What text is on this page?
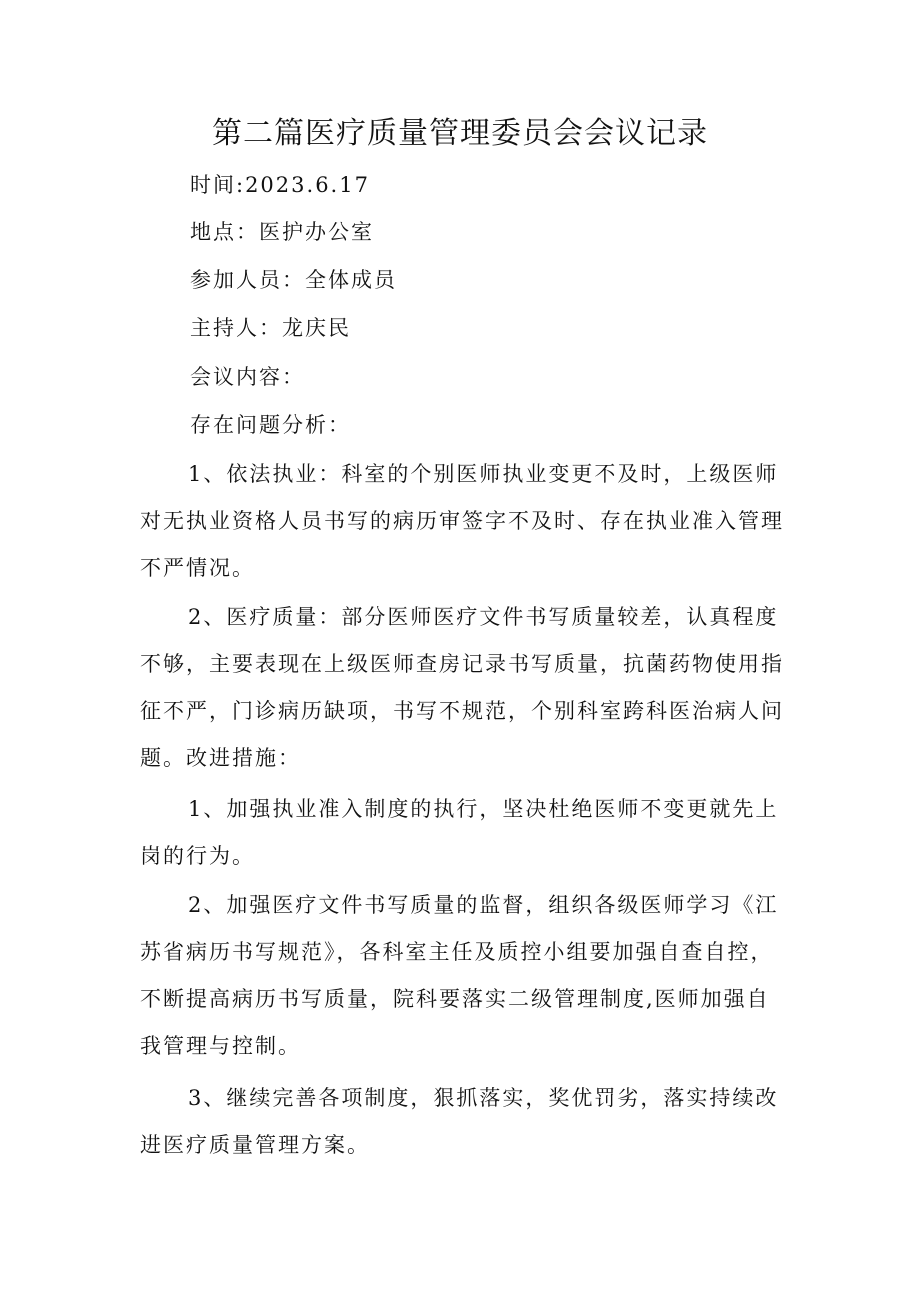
第二篇医疗质量管理委员会会议记录

时间:2023.6.17

地点：医护办公室

参加人员：全体成员

主持人：龙庆民

会议内容：

存在问题分析：

1、依法执业：科室的个别医师执业变更不及时，上级医师对无执业资格人员书写的病历审签字不及时、存在执业准入管理不严情况。

2、医疗质量：部分医师医疗文件书写质量较差，认真程度不够，主要表现在上级医师查房记录书写质量，抗菌药物使用指征不严，门诊病历缺项，书写不规范，个别科室跨科医治病人问题。改进措施：

1、加强执业准入制度的执行，坚决杜绝医师不变更就先上岗的行为。

2、加强医疗文件书写质量的监督，组织各级医师学习《江苏省病历书写规范》，各科室主任及质控小组要加强自查自控，不断提高病历书写质量，院科要落实二级管理制度,医师加强自我管理与控制。

3、继续完善各项制度，狠抓落实，奖优罚劣，落实持续改进医疗质量管理方案。
